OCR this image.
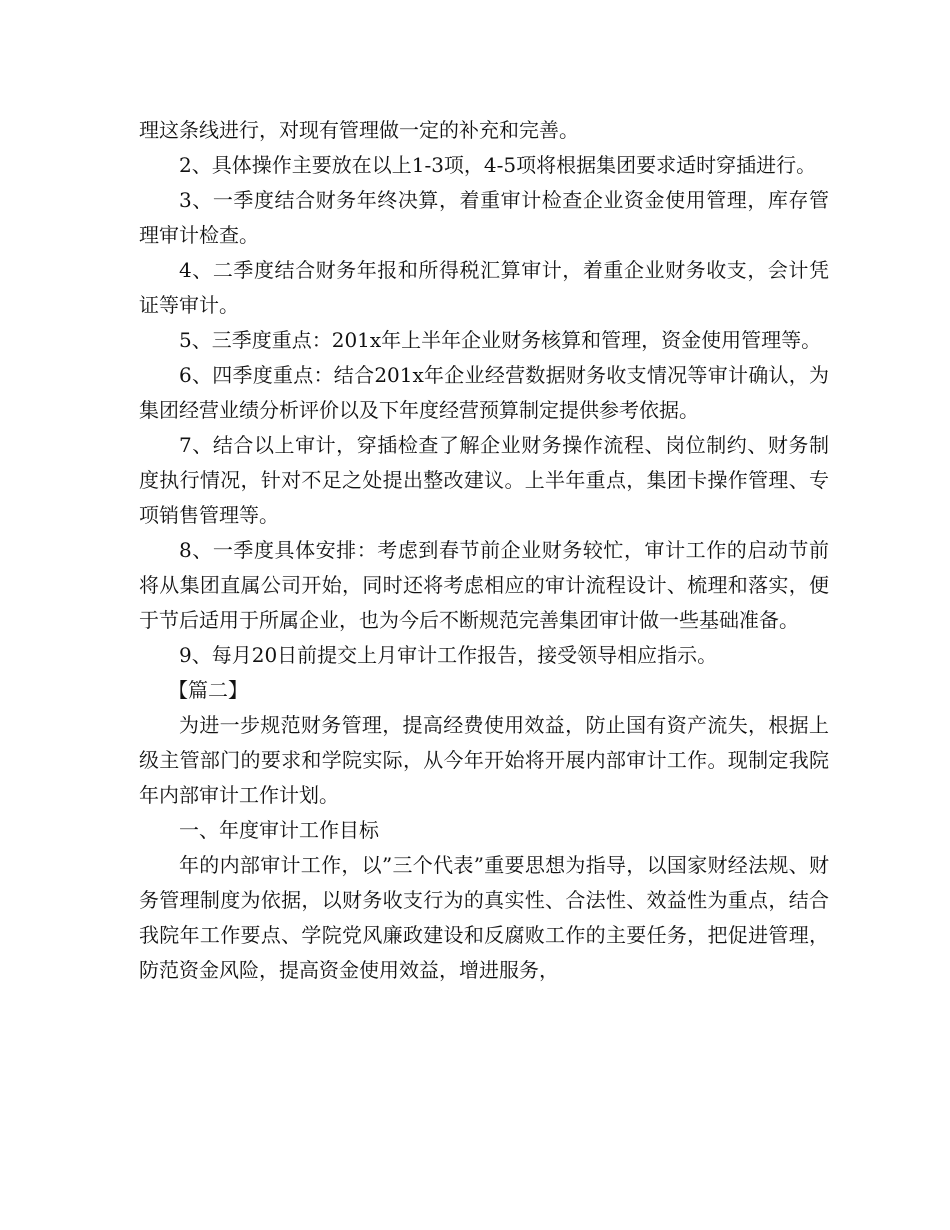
理这条线进行，对现有管理做一定的补充和完善。

2、具体操作主要放在以上1-3项，4-5项将根据集团要求适时穿插进行。

3、一季度结合财务年终决算，着重审计检查企业资金使用管理，库存管理审计检查。

4、二季度结合财务年报和所得税汇算审计，着重企业财务收支，会计凭证等审计。

5、三季度重点：201x年上半年企业财务核算和管理，资金使用管理等。

6、四季度重点：结合201x年企业经营数据财务收支情况等审计确认，为集团经营业绩分析评价以及下年度经营预算制定提供参考依据。

7、结合以上审计，穿插检查了解企业财务操作流程、岗位制约、财务制度执行情况，针对不足之处提出整改建议。上半年重点，集团卡操作管理、专项销售管理等。

8、一季度具体安排：考虑到春节前企业财务较忙，审计工作的启动节前将从集团直属公司开始，同时还将考虑相应的审计流程设计、梳理和落实，便于节后适用于所属企业，也为今后不断规范完善集团审计做一些基础准备。

9、每月20日前提交上月审计工作报告，接受领导相应指示。

【篇二】

为进一步规范财务管理，提高经费使用效益，防止国有资产流失，根据上级主管部门的要求和学院实际，从今年开始将开展内部审计工作。现制定我院年内部审计工作计划。

一、年度审计工作目标

年的内部审计工作，以”三个代表”重要思想为指导，以国家财经法规、财务管理制度为依据，以财务收支行为的真实性、合法性、效益性为重点，结合我院年工作要点、学院党风廉政建设和反腐败工作的主要任务，把促进管理，防范资金风险，提高资金使用效益，增进服务，
